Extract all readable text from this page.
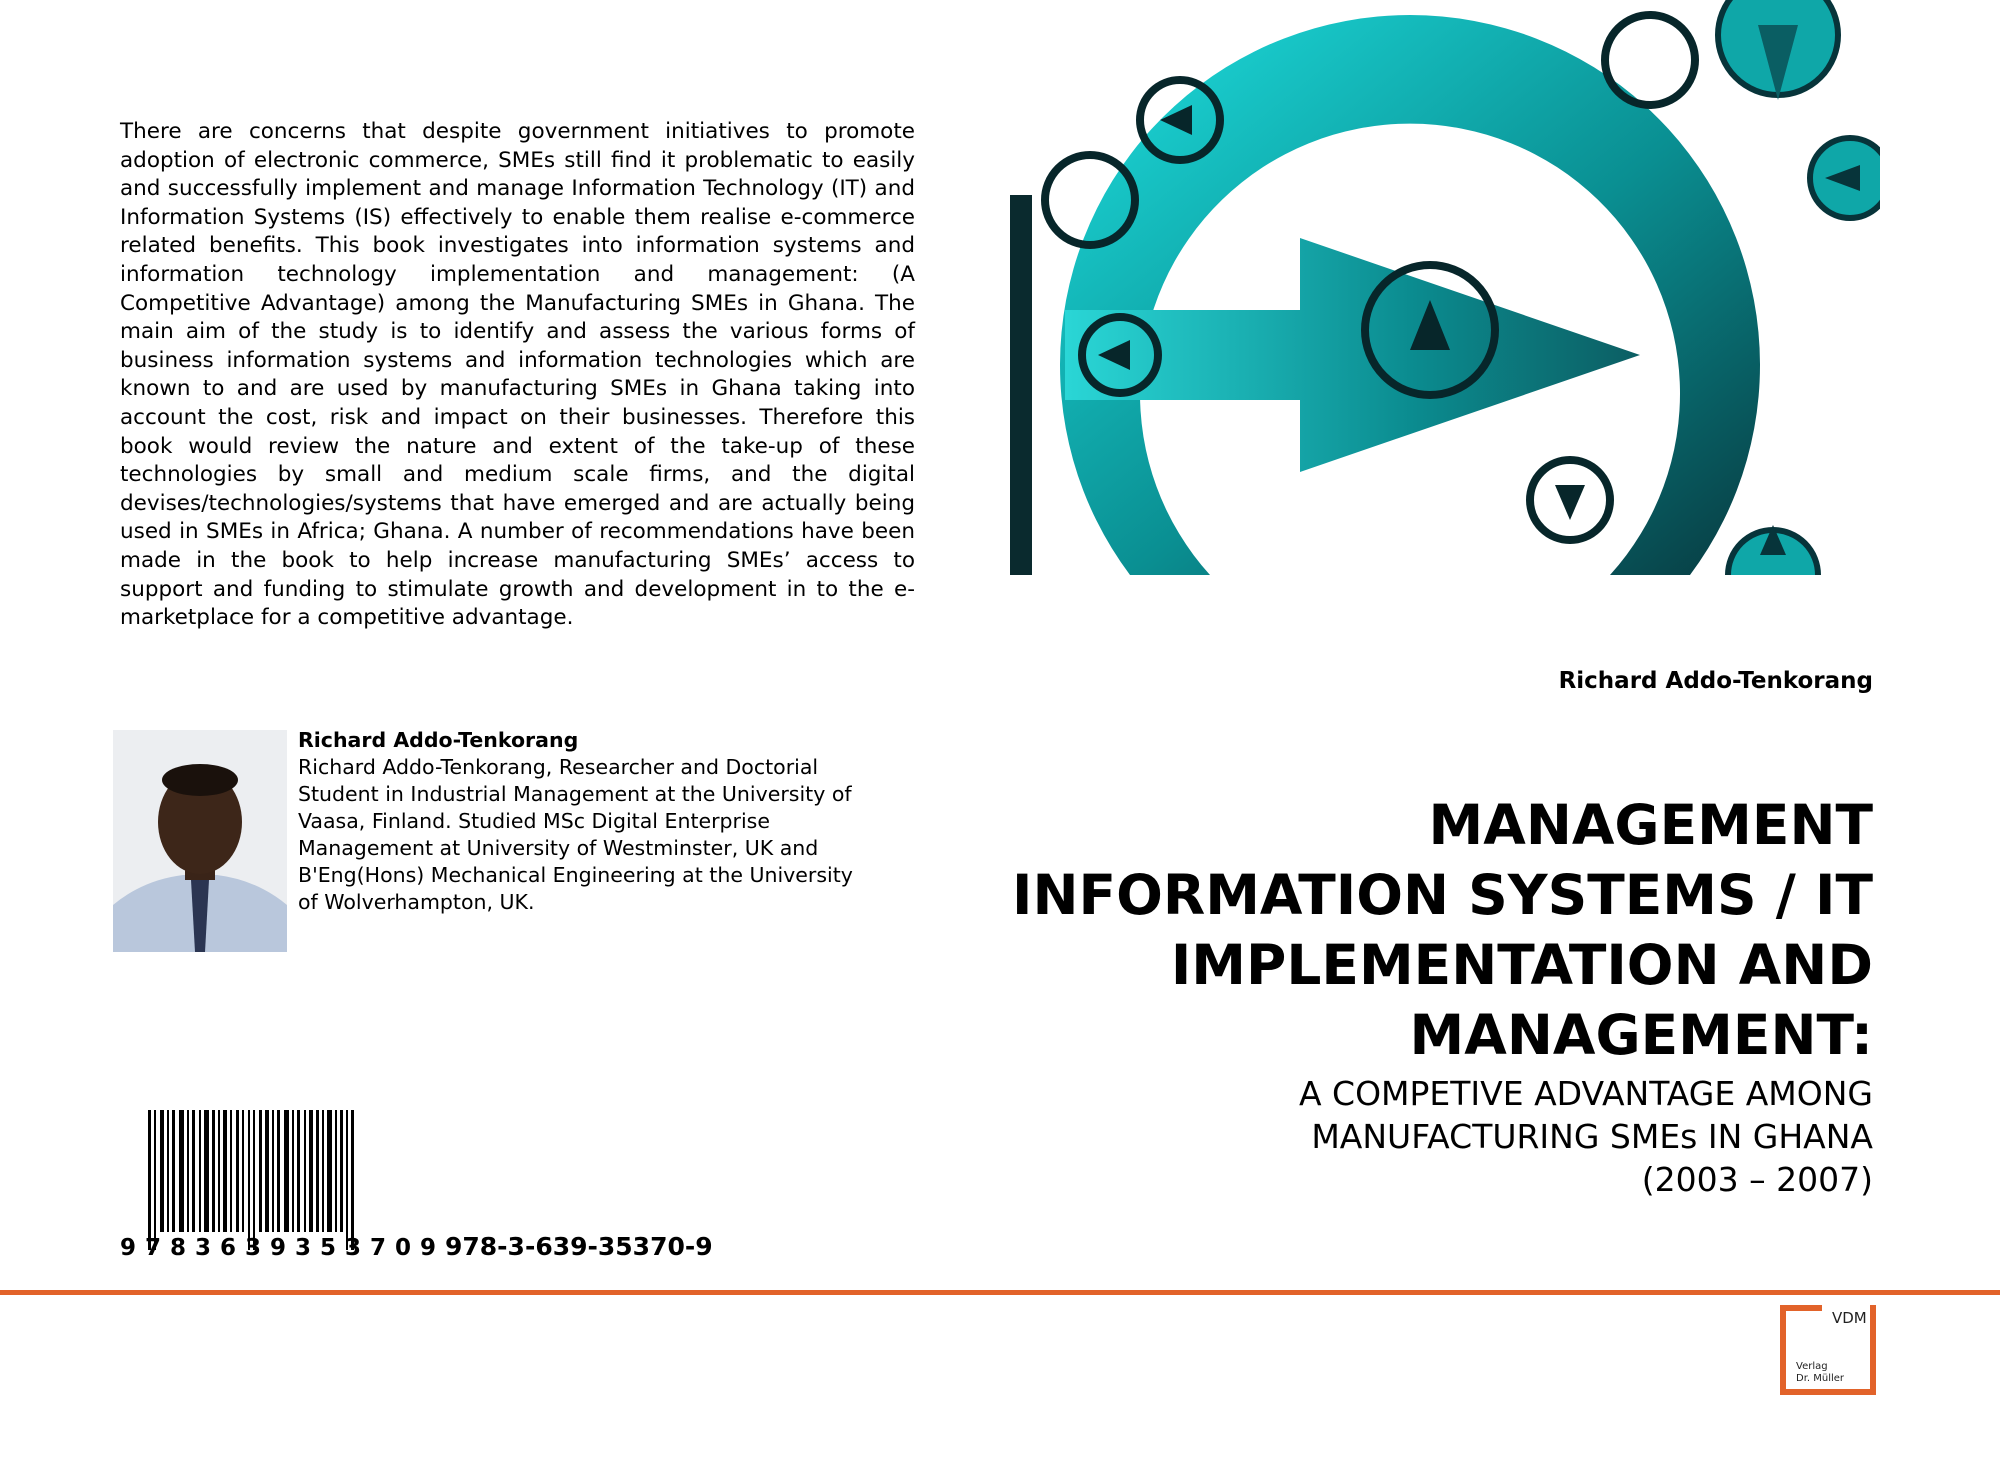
There are concerns that despite government initiatives to promote adoption of electronic commerce, SMEs still find it problematic to easily and successfully implement and manage Information Technology (IT) and Information Systems (IS) effectively to enable them realise e-commerce related benefits. This book investigates into information systems and information technology implementation and management: (A Competitive Advantage) among the Manufacturing SMEs in Ghana. The main aim of the study is to identify and assess the various forms of business information systems and information technologies which are known to and are used by manufacturing SMEs in Ghana taking into account the cost, risk and impact on their businesses. Therefore this book would review the nature and extent of the take-up of these technologies by small and medium scale firms, and the digital devises/technologies/systems that have emerged and are actually being used in SMEs in Africa; Ghana. A number of recommendations have been made in the book to help increase manufacturing SMEs’ access to support and funding to stimulate growth and development in to the e-marketplace for a competitive advantage.

Richard Addo-Tenkorang
Richard Addo-Tenkorang
Richard Addo-Tenkorang, Researcher and Doctorial Student in Industrial Management at the University of Vaasa, Finland. Studied MSc Digital Enterprise Management at University of Westminster, UK and B'Eng(Hons) Mechanical Engineering at the University of Wolverhampton, UK.
MANAGEMENT INFORMATION SYSTEMS / IT IMPLEMENTATION AND MANAGEMENT:
A COMPETIVE ADVANTAGE AMONG
MANUFACTURING SMEs IN GHANA
(2003 – 2007)
9783639353709 978-3-639-35370-9
VDM
Verlag
Dr. Müller
